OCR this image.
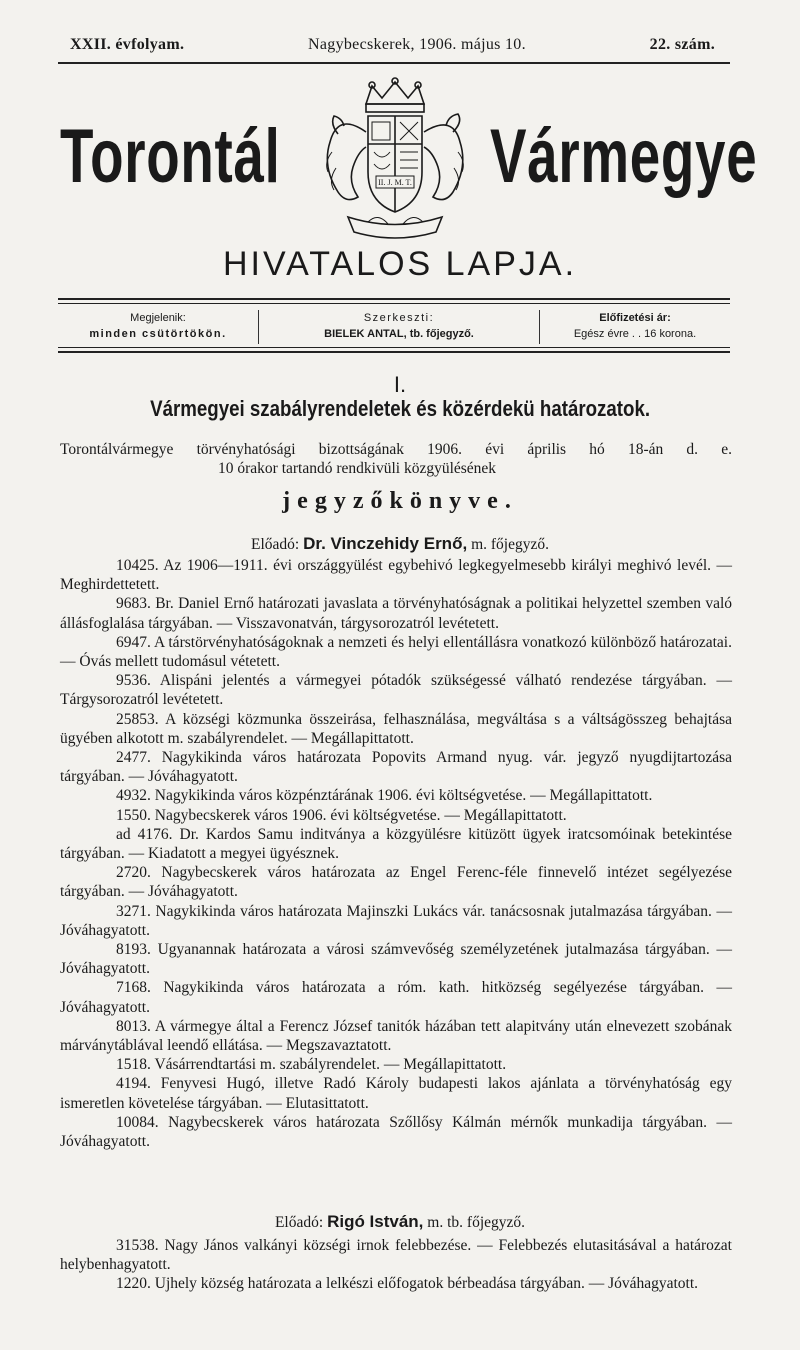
XXII. évfolyam.	Nagybecskerek, 1906. május 10.	22. szám.
Torontál	II. J. M. T. Vármegye
HIVATALOS LAPJA.
Megjelenik:
minden csütörtökön.
Szerkeszti:
BIELEK ANTAL, tb. főjegyző.
Előfizetési ár:
Egész évre . . 16 korona.
I.
Vármegyei szabályrendeletek és közérdekü határozatok.
Torontálvármegye törvényhatósági bizottságának 1906. évi április hó 18-án d. e.
10 órakor tartandó rendkivüli közgyülésének
jegyzőkönyve.
Előadó: Dr. Vinczehidy Ernő, m. főjegyző.

10425. Az 1906—1911. évi országgyülést egybehivó legkegyelmesebb királyi meghivó levél. — Meghirdettetett.

9683. Br. Daniel Ernő határozati javaslata a törvényhatóságnak a politikai helyzettel szemben való állásfoglalása tárgyában. — Visszavonatván, tárgysorozatról levétetett.

6947. A társtörvényhatóságoknak a nemzeti és helyi ellentállásra vonatkozó különböző határozatai. — Óvás mellett tudomásul vétetett.

9536. Alispáni jelentés a vármegyei pótadók szükségessé válható rendezése tárgyában. — Tárgysorozatról levétetett.

25853. A községi közmunka összeirása, felhasználása, megváltása s a váltságösszeg behajtása ügyében alkotott m. szabályrendelet. — Megállapittatott.

2477. Nagykikinda város határozata Popovits Armand nyug. vár. jegyző nyugdijtartozása tárgyában. — Jóváhagyatott.

4932. Nagykikinda város közpénztárának 1906. évi költségvetése. — Megállapittatott.

1550. Nagybecskerek város 1906. évi költségvetése. — Megállapittatott.

ad 4176. Dr. Kardos Samu inditványa a közgyülésre kitüzött ügyek iratcsomóinak betekintése tárgyában. — Kiadatott a megyei ügyésznek.

2720. Nagybecskerek város határozata az Engel Ferenc-féle finnevelő intézet segélyezése tárgyában. — Jóváhagyatott.

3271. Nagykikinda város határozata Majinszki Lukács vár. tanácsosnak jutalmazása tárgyában. — Jóváhagyatott.

8193. Ugyanannak határozata a városi számvevőség személyzetének jutalmazása tárgyában. — Jóváhagyatott.

7168. Nagykikinda város határozata a róm. kath. hitközség segélyezése tárgyában. — Jóváhagyatott.

8013. A vármegye által a Ferencz József tanitók házában tett alapitvány után elnevezett szobának márványtáblával leendő ellátása. — Megszavaztatott.

1518. Vásárrendtartási m. szabályrendelet. — Megállapittatott.

4194. Fenyvesi Hugó, illetve Radó Károly budapesti lakos ajánlata a törvényhatóság egy ismeretlen követelése tárgyában. — Elutasittatott.

10084. Nagybecskerek város határozata Szőllősy Kálmán mérnők munkadija tárgyában. — Jóváhagyatott.

Előadó: Rigó István, m. tb. főjegyző.

31538. Nagy János valkányi községi irnok felebbezése. — Felebbezés elutasitásával a határozat helybenhagyatott.

1220. Ujhely község határozata a lelkészi előfogatok bérbeadása tárgyában. — Jóváhagyatott.
